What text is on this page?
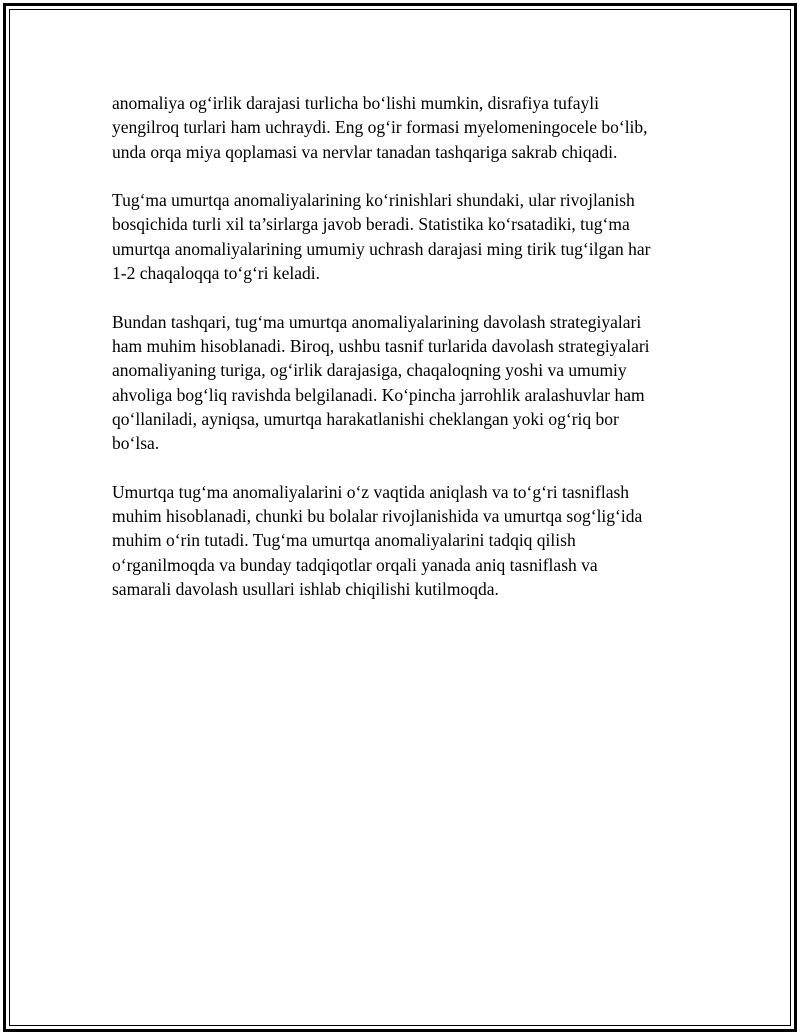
anomaliya og‘irlik darajasi turlicha bo‘lishi mumkin, disrafiya tufayli
yengilroq turlari ham uchraydi. Eng og‘ir formasi myelomeningocele bo‘lib,
unda orqa miya qoplamasi va nervlar tanadan tashqariga sakrab chiqadi.

Tug‘ma umurtqa anomaliyalarining ko‘rinishlari shundaki, ular rivojlanish
bosqichida turli xil ta’sirlarga javob beradi. Statistika ko‘rsatadiki, tug‘ma
umurtqa anomaliyalarining umumiy uchrash darajasi ming tirik tug‘ilgan har
1-2 chaqaloqqa to‘g‘ri keladi.

Bundan tashqari, tug‘ma umurtqa anomaliyalarining davolash strategiyalari
ham muhim hisoblanadi. Biroq, ushbu tasnif turlarida davolash strategiyalari
anomaliyaning turiga, og‘irlik darajasiga, chaqaloqning yoshi va umumiy
ahvoliga bog‘liq ravishda belgilanadi. Ko‘pincha jarrohlik aralashuvlar ham
qo‘llaniladi, ayniqsa, umurtqa harakatlanishi cheklangan yoki og‘riq bor
bo‘lsa.

Umurtqa tug‘ma anomaliyalarini o‘z vaqtida aniqlash va to‘g‘ri tasniflash
muhim hisoblanadi, chunki bu bolalar rivojlanishida va umurtqa sog‘lig‘ida
muhim o‘rin tutadi. Tug‘ma umurtqa anomaliyalarini tadqiq qilish
o‘rganilmoqda va bunday tadqiqotlar orqali yanada aniq tasniflash va
samarali davolash usullari ishlab chiqilishi kutilmoqda.
